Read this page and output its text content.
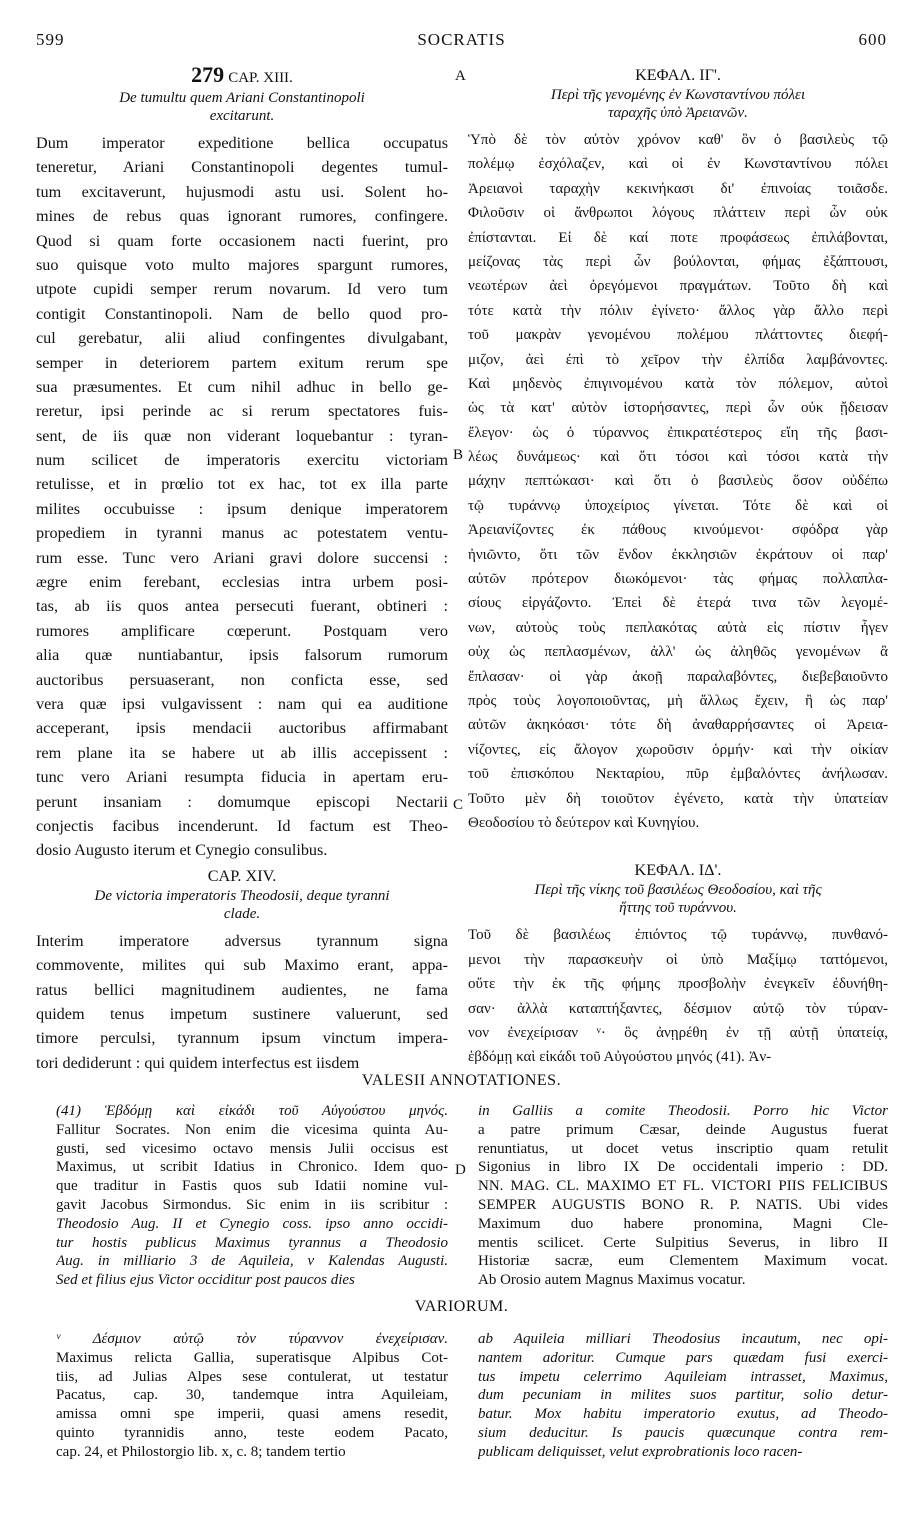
599	SOCRATIS	600
A
B
C
D
279 CAP. XIII.
De tumultu quem Ariani Constantinopoli
excitarunt.
Dum imperator expeditione bellica occupatus
teneretur, Ariani Constantinopoli degentes tumul-
tum excitaverunt, hujusmodi astu usi. Solent ho-
mines de rebus quas ignorant rumores, confingere.
Quod si quam forte occasionem nacti fuerint, pro
suo quisque voto multo majores spargunt rumores,
utpote cupidi semper rerum novarum. Id vero tum
contigit Constantinopoli. Nam de bello quod pro-
cul gerebatur, alii aliud confingentes divulgabant,
semper in deteriorem partem exitum rerum spe
sua præsumentes. Et cum nihil adhuc in bello ge-
reretur, ipsi perinde ac si rerum spectatores fuis-
sent, de iis quæ non viderant loquebantur : tyran-
num scilicet de imperatoris exercitu victoriam
retulisse, et in prœlio tot ex hac, tot ex illa parte
milites occubuisse : ipsum denique imperatorem
propediem in tyranni manus ac potestatem ventu-
rum esse. Tunc vero Ariani gravi dolore succensi :
ægre enim ferebant, ecclesias intra urbem posi-
tas, ab iis quos antea persecuti fuerant, obtineri :
rumores amplificare cœperunt. Postquam vero
alia quæ nuntiabantur, ipsis falsorum rumorum
auctoribus persuaserant, non conficta esse, sed
vera quæ ipsi vulgavissent : nam qui ea auditione
acceperant, ipsis mendacii auctoribus affirmabant
rem plane ita se habere ut ab illis accepissent :
tunc vero Ariani resumpta fiducia in apertam eru-
perunt insaniam : domumque episcopi Nectarii
conjectis facibus incenderunt. Id factum est Theo-
dosio Augusto iterum et Cynegio consulibus.
CAP. XIV.
De victoria imperatoris Theodosii, deque tyranni
clade.
Interim imperatore adversus tyrannum signa
commovente, milites qui sub Maximo erant, appa-
ratus bellici magnitudinem audientes, ne fama
quidem tenus impetum sustinere valuerunt, sed
timore perculsi, tyrannum ipsum vinctum impera-
tori dediderunt : qui quidem interfectus est iisdem
ΚΕΦΑΛ. ΙΓ'.
Περὶ τῆς γενομένης ἐν Κωνσταντίνου πόλει
ταραχῆς ὑπὸ Ἀρειανῶν.
Ὑπὸ δὲ τὸν αὐτὸν χρόνον καθ' ὃν ὁ βασιλεὺς τῷ
πολέμῳ ἐσχόλαζεν, καὶ οἱ ἐν Κωνσταντίνου πόλει
Ἀρειανοὶ ταραχὴν κεκινήκασι δι' ἐπινοίας τοιᾶσδε.
Φιλοῦσιν οἱ ἄνθρωποι λόγους πλάττειν περὶ ὧν οὐκ
ἐπίστανται. Εἰ δὲ καί ποτε προφάσεως ἐπιλάβονται,
μείζονας τὰς περὶ ὧν βούλονται, φήμας ἐξάπτουσι,
νεωτέρων ἀεὶ ὀρεγόμενοι πραγμάτων. Τοῦτο δὴ καὶ
τότε κατὰ τὴν πόλιν ἐγίνετο· ἄλλος γὰρ ἄλλο περὶ
τοῦ μακρὰν γενομένου πολέμου πλάττοντες διεφή-
μιζον, ἀεὶ ἐπὶ τὸ χεῖρον τὴν ἐλπίδα λαμβάνοντες.
Καὶ μηδενὸς ἐπιγινομένου κατὰ τὸν πόλεμον, αὐτοὶ
ὡς τὰ κατ' αὐτὸν ἱστορήσαντες, περὶ ὧν οὐκ ᾔδεισαν
ἔλεγον· ὡς ὁ τύραννος ἐπικρατέστερος εἴη τῆς βασι-
λέως δυνάμεως· καὶ ὅτι τόσοι καὶ τόσοι κατὰ τὴν
μάχην πεπτώκασι· καὶ ὅτι ὁ βασιλεὺς ὅσον οὐδέπω
τῷ τυράννῳ ὑποχείριος γίνεται. Τότε δὲ καὶ οἱ
Ἀρειανίζοντες ἐκ πάθους κινούμενοι· σφόδρα γὰρ
ἠνιῶντο, ὅτι τῶν ἔνδον ἐκκλησιῶν ἐκράτουν οἱ παρ'
αὐτῶν πρότερον διωκόμενοι· τὰς φήμας πολλαπλα-
σίους εἰργάζοντο. Ἐπεὶ δὲ ἑτερά τινα τῶν λεγομέ-
νων, αὐτοὺς τοὺς πεπλακότας αὐτὰ εἰς πίστιν ἦγεν
οὐχ ὡς πεπλασμένων, ἀλλ' ὡς ἀληθῶς γενομένων ἃ
ἔπλασαν· οἱ γὰρ ἀκοῇ παραλαβόντες, διεβεβαιοῦντο
πρὸς τοὺς λογοποιοῦντας, μὴ ἄλλως ἔχειν, ἢ ὡς παρ'
αὐτῶν ἀκηκόασι· τότε δὴ ἀναθαρρήσαντες οἱ Ἀρεια-
νίζοντες, εἰς ἄλογον χωροῦσιν ὁρμήν· καὶ τὴν οἰκίαν
τοῦ ἐπισκόπου Νεκταρίου, πῦρ ἐμβαλόντες ἀνήλωσαν.
Τοῦτο μὲν δὴ τοιοῦτον ἐγένετο, κατὰ τὴν ὑπατείαν
Θεοδοσίου τὸ δεύτερον καὶ Κυνηγίου.
ΚΕΦΑΛ. ΙΔ'.
Περὶ τῆς νίκης τοῦ βασιλέως Θεοδοσίου, καὶ τῆς
ἥττης τοῦ τυράννου.
Τοῦ δὲ βασιλέως ἐπιόντος τῷ τυράννῳ, πυνθανό-
μενοι τὴν παρασκευὴν οἱ ὑπὸ Μαξίμῳ τατtόμενοι,
οὔτε τὴν ἐκ τῆς φήμης προσβολὴν ἐνεγκεῖν ἐδυνήθη-
σαν· ἀλλὰ καταπτήξαντες, δέσμιον αὐτῷ τὸν τύραν-
νον ἐνεχείρισαν ᵛ· ὃς ἀνῃρέθη ἐν τῇ αὐτῇ ὑπατείᾳ,
ἑβδόμῃ καὶ εἰκάδι τοῦ Αὐγούστου μηνός (41). Ἀν-
VALESII ANNOTATIONES.
(41) Ἑβδόμῃ καὶ εἰκάδι τοῦ Αὐγούστου μηνός.
Fallitur Socrates. Non enim die vicesima quinta Au-
gusti, sed vicesimo octavo mensis Julii occisus est
Maximus, ut scribit Idatius in Chronico. Idem quo-
que traditur in Fastis quos sub Idatii nomine vul-
gavit Jacobus Sirmondus. Sic enim in iis scribitur :
Theodosio Aug. II et Cynegio coss. ipso anno occidi-
tur hostis publicus Maximus tyrannus a Theodosio
Aug. in milliario 3 de Aquileia, v Kalendas Augusti.
Sed et filius ejus Victor occiditur post paucos dies
in Galliis a comite Theodosii. Porro hic Victor
a patre primum Cæsar, deinde Augustus fuerat
renuntiatus, ut docet vetus inscriptio quam retulit
Sigonius in libro IX De occidentali imperio : DD.
NN. MAG. CL. MAXIMO ET FL. VICTORI PIIS FELICIBUS
SEMPER AUGUSTIS BONO R. P. NATIS. Ubi vides
Maximum duo habere pronomina, Magni Cle-
mentis scilicet. Certe Sulpitius Severus, in libro II
Historiæ sacræ, eum Clementem Maximum vocat.
Ab Orosio autem Magnus Maximus vocatur.
VARIORUM.
ᵛ Δέσμιον αὐτῷ τὸν τύραννον ἐνεχείρισαν.
Maximus relicta Gallia, superatisque Alpibus Cot-
tiis, ad Julias Alpes sese contulerat, ut testatur
Pacatus, cap. 30, tandemque intra Aquileiam,
amissa omni spe imperii, quasi amens resedit,
quinto tyrannidis anno, teste eodem Pacato,
cap. 24, et Philostorgio lib. x, c. 8; tandem tertio
ab Aquileia milliari Theodosius incautum, nec opi-
nantem adoritur. Cumque pars quædam fusi exerci-
tus impetu celerrimo Aquileiam intrasset, Maximus,
dum pecuniam in milites suos partitur, solio detur-
batur. Mox habitu imperatorio exutus, ad Theodo-
sium deducitur. Is paucis quæcunque contra rem-
publicam deliquisset, velut exprobrationis loco racen-
